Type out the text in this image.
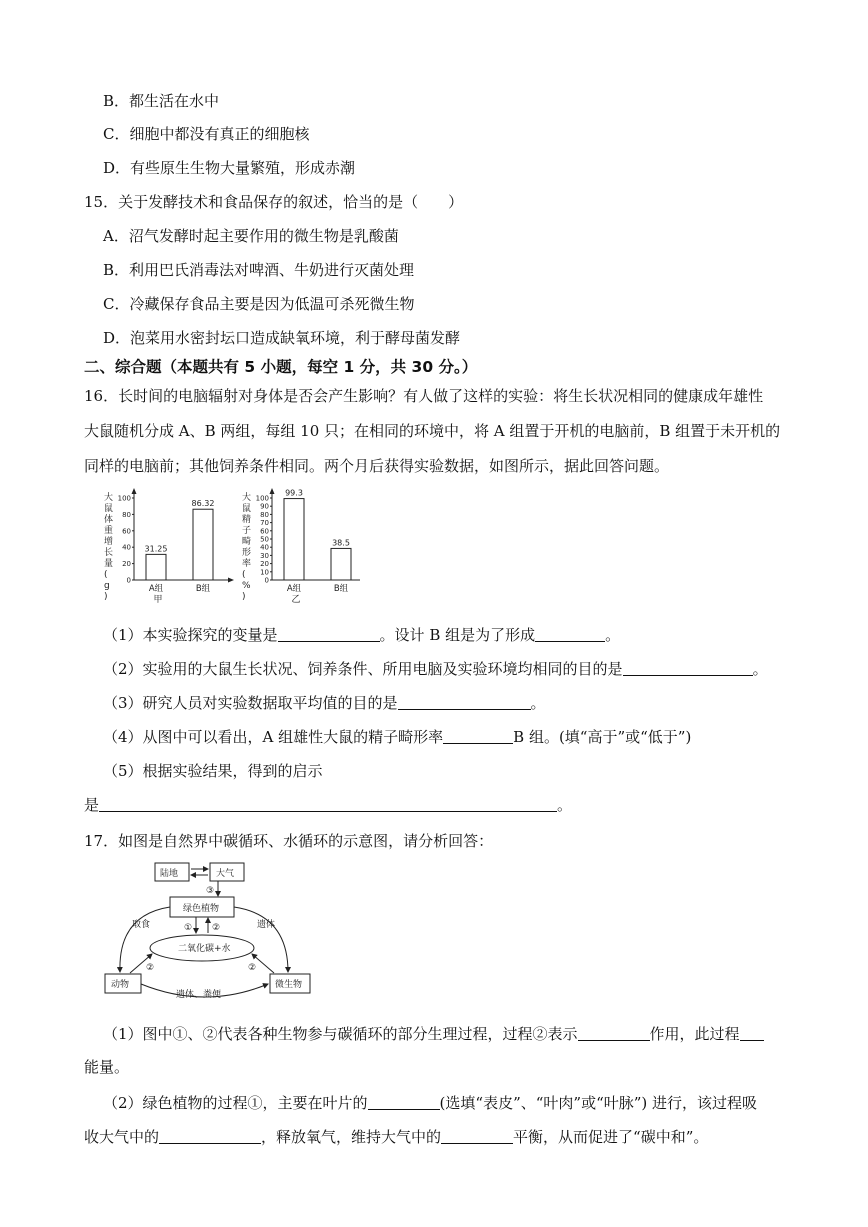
B．都生活在水中
C．细胞中都没有真正的细胞核
D．有些原生生物大量繁殖，形成赤潮
15．关于发酵技术和食品保存的叙述，恰当的是（　　）
A．沼气发酵时起主要作用的微生物是乳酸菌
B．利用巴氏消毒法对啤酒、牛奶进行灭菌处理
C．冷藏保存食品主要是因为低温可杀死微生物
D．泡菜用水密封坛口造成缺氧环境，利于酵母菌发酵
二、综合题（本题共有 5 小题，每空 1 分，共 30 分。）
16．长时间的电脑辐射对身体是否会产生影响？有人做了这样的实验：将生长状况相同的健康成年雄性
大鼠随机分成 A、B 两组，每组 10 只；在相同的环境中，将 A 组置于开机的电脑前，B 组置于未开机的
同样的电脑前；其他饲养条件相同。两个月后获得实验数据，如图所示，据此回答问题。
大
鼠
体
重
增
长
量
(
g
)
0
20
40
60
80
100
31.25
A组
86.32
B组
甲
大
鼠
精
子
畸
形
率
(
%
)
0
10
20
30
40
50
60
70
80
90
100
99.3
A组
38.5
B组
乙
（1）本实验探究的变量是	。设计 B 组是为了形成	。
（2）实验用的大鼠生长状况、饲养条件、所用电脑及实验环境均相同的目的是	。
（3）研究人员对实验数据取平均值的目的是	。
（4）从图中可以看出，A 组雄性大鼠的精子畸形率	B 组。(填“高于”或“低于”)
（5）根据实验结果，得到的启示
是	。
17．如图是自然界中碳循环、水循环的示意图，请分析回答：
陆地	大气
绿色植物
二氧化碳+水
动物	微生物
取食	遗体
遗体、粪便
① ②
②	②
③
（1）图中①、②代表各种生物参与碳循环的部分生理过程，过程②表示	作用，此过程
能量。
（2）绿色植物的过程①，主要在叶片的	(选填“表皮”、“叶肉”或“叶脉”) 进行，该过程吸
收大气中的	，释放氧气，维持大气中的	平衡，从而促进了“碳中和”。
